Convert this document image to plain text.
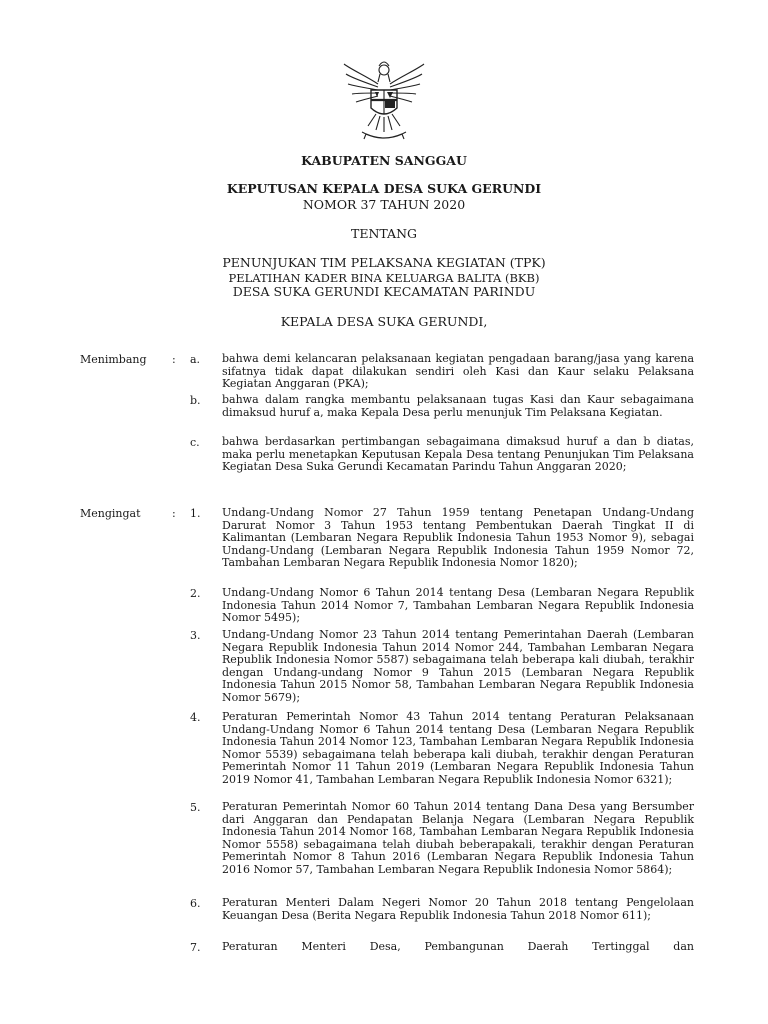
KABUPATEN SANGGAU
KEPUTUSAN KEPALA DESA SUKA GERUNDI
NOMOR 37 TAHUN 2020
TENTANG
PENUNJUKAN TIM PELAKSANA KEGIATAN (TPK)
PELATIHAN KADER BINA KELUARGA BALITA (BKB)
DESA SUKA GERUNDI KECAMATAN PARINDU
KEPALA DESA SUKA GERUNDI,
Menimbang : a.	bahwa demi kelancaran pelaksanaan kegiatan pengadaan barang/jasa yang karena sifatnya tidak dapat dilakukan sendiri oleh Kasi dan Kaur selaku Pelaksana Kegiatan Anggaran (PKA);
b.	bahwa dalam rangka membantu pelaksanaan tugas Kasi dan Kaur sebagaimana dimaksud huruf a, maka Kepala Desa perlu menunjuk Tim Pelaksana Kegiatan.
c.	bahwa berdasarkan pertimbangan sebagaimana dimaksud huruf a dan b diatas, maka perlu menetapkan Keputusan Kepala Desa tentang Penunjukan Tim Pelaksana Kegiatan Desa Suka Gerundi Kecamatan Parindu Tahun Anggaran 2020;
Mengingat	: 1.	Undang-Undang Nomor 27 Tahun 1959 tentang Penetapan Undang-Undang Darurat Nomor 3 Tahun 1953 tentang Pembentukan Daerah Tingkat II di Kalimantan (Lembaran Negara Republik Indonesia Tahun 1953 Nomor 9), sebagai Undang-Undang (Lembaran Negara Republik Indonesia Tahun 1959 Nomor 72, Tambahan Lembaran Negara Republik Indonesia Nomor 1820);
2.	Undang-Undang Nomor 6 Tahun 2014 tentang Desa (Lembaran Negara Republik Indonesia Tahun 2014 Nomor 7, Tambahan Lembaran Negara Republik Indonesia Nomor 5495);
3.	Undang-Undang Nomor 23 Tahun 2014 tentang Pemerintahan Daerah (Lembaran Negara Republik Indonesia Tahun 2014 Nomor 244, Tambahan Lembaran Negara Republik Indonesia Nomor 5587) sebagaimana telah beberapa kali diubah, terakhir dengan Undang-undang Nomor 9 Tahun 2015 (Lembaran Negara Republik Indonesia Tahun 2015 Nomor 58, Tambahan Lembaran Negara Republik Indonesia Nomor 5679);
4.	Peraturan Pemerintah Nomor 43 Tahun 2014 tentang Peraturan Pelaksanaan Undang-Undang Nomor 6 Tahun 2014 tentang Desa (Lembaran Negara Republik Indonesia Tahun 2014 Nomor 123, Tambahan Lembaran Negara Republik Indonesia Nomor 5539) sebagaimana telah beberapa kali diubah, terakhir dengan Peraturan Pemerintah Nomor 11 Tahun 2019 (Lembaran Negara Republik Indonesia Tahun 2019 Nomor 41, Tambahan Lembaran Negara Republik Indonesia Nomor 6321);
5.	Peraturan Pemerintah Nomor 60 Tahun 2014 tentang Dana Desa yang Bersumber dari Anggaran dan Pendapatan Belanja Negara (Lembaran Negara Republik Indonesia Tahun 2014 Nomor 168, Tambahan Lembaran Negara Republik Indonesia Nomor 5558) sebagaimana telah diubah beberapakali, terakhir dengan Peraturan Pemerintah Nomor 8 Tahun 2016 (Lembaran Negara Republik Indonesia Tahun 2016 Nomor 57, Tambahan Lembaran Negara Republik Indonesia Nomor 5864);
6.	Peraturan Menteri Dalam Negeri Nomor 20 Tahun 2018 tentang Pengelolaan Keuangan Desa (Berita Negara Republik Indonesia Tahun 2018 Nomor 611);
7.	Peraturan Menteri Desa, Pembangunan Daerah Tertinggal dan
